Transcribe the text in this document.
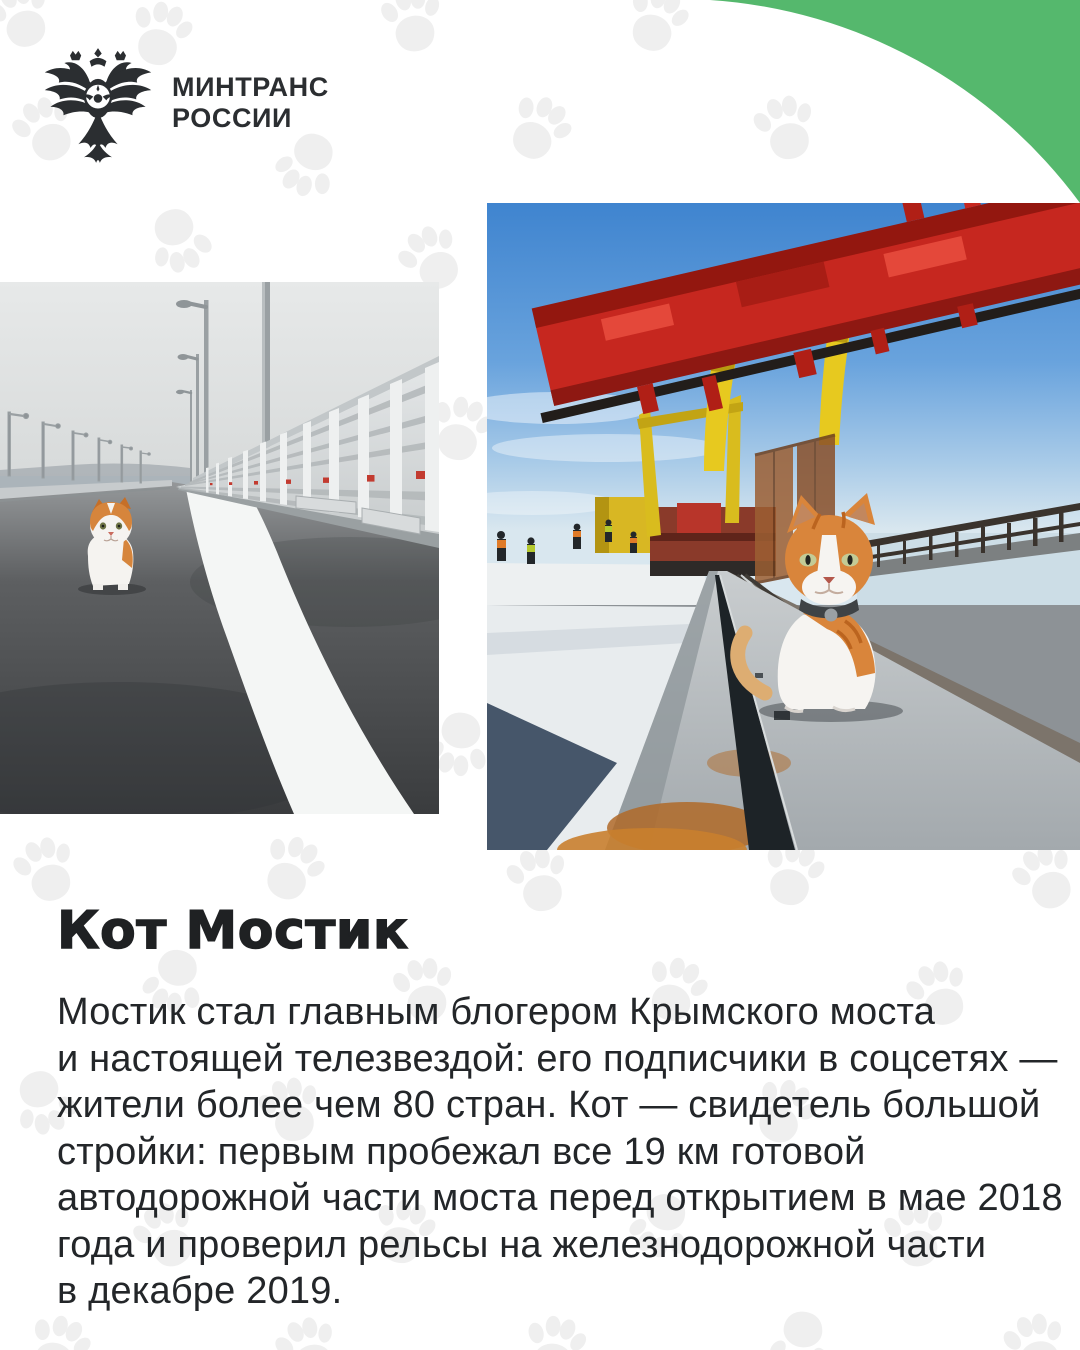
МИНТРАНС
РОССИИ
Кот Мостик
Мостик стал главным блогером Крымского моста
и настоящей телезвездой: его подписчики в соцсетях —
жители более чем 80 стран. Кот — свидетель большой
стройки: первым пробежал все 19 км готовой
автодорожной части моста перед открытием в мае 2018
года и проверил рельсы на железнодорожной части
в декабре 2019.
